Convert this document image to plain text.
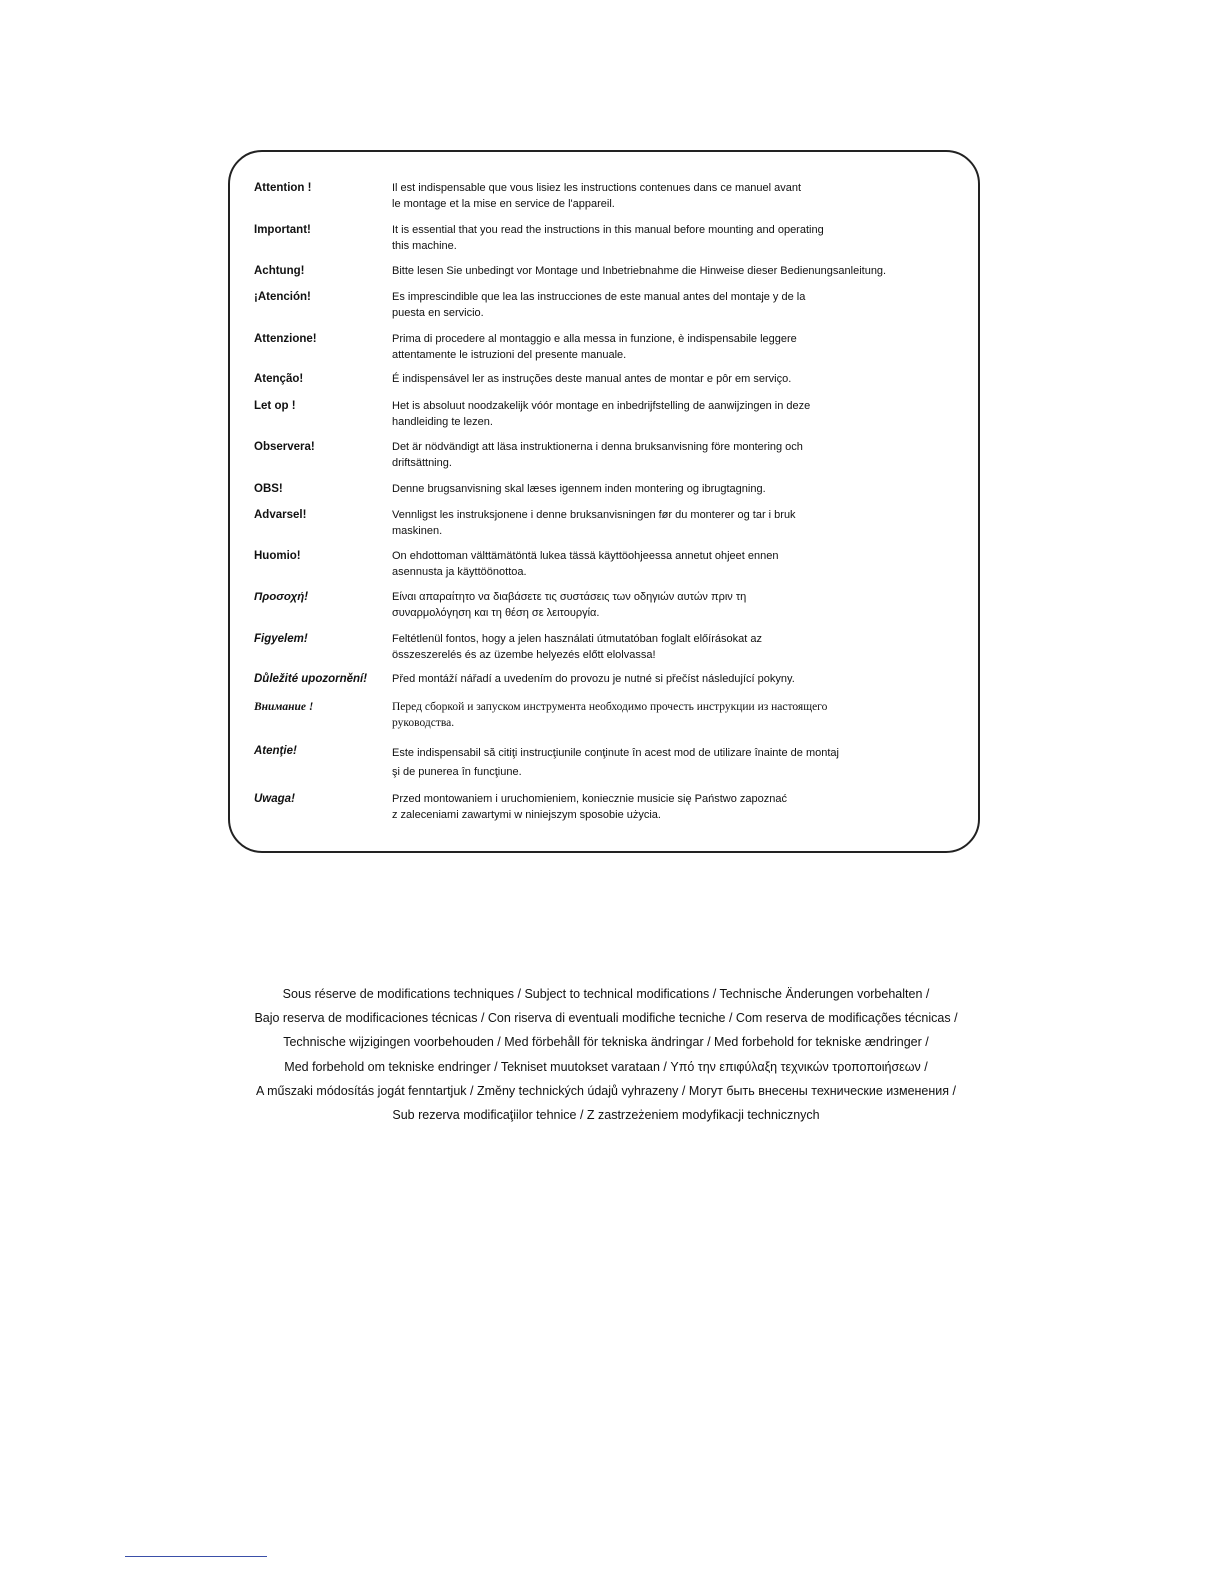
Attention !	Il est indispensable que vous lisiez les instructions contenues dans ce manuel avant
le montage et la mise en service de l'appareil.
Important!	It is essential that you read the instructions in this manual before mounting and operating
this machine.
Achtung!	Bitte lesen Sie unbedingt vor Montage und Inbetriebnahme die Hinweise dieser Bedienungsanleitung.
¡Atención!	Es imprescindible que lea las instrucciones de este manual antes del montaje y de la
puesta en servicio.
Attenzione!	Prima di procedere al montaggio e alla messa in funzione, è indispensabile leggere
attentamente le istruzioni del presente manuale.
Atenção!	É indispensável ler as instruções deste manual antes de montar e pôr em serviço.
Let op !	Het is absoluut noodzakelijk vóór montage en inbedrijfstelling de aanwijzingen in deze
handleiding te lezen.
Observera!	Det är nödvändigt att läsa instruktionerna i denna bruksanvisning före montering och
driftsättning.
OBS!	Denne brugsanvisning skal læses igennem inden montering og ibrugtagning.
Advarsel!	Vennligst les instruksjonene i denne bruksanvisningen før du monterer og tar i bruk
maskinen.
Huomio!	On ehdottoman välttämätöntä lukea tässä käyttöohjeessa annetut ohjeet ennen
asennusta ja käyttöönottoa.
Προσοχή!	Είναι απαραίτητο να διαβάσετε τις συστάσεις των οδηγιών αυτών πριν τη
συναρμολόγηση και τη θέση σε λειτουργία.
Figyelem!	Feltétlenül fontos, hogy a jelen használati útmutatóban foglalt előírásokat az
összeszerelés és az üzembe helyezés előtt elolvassa!
Důležité upozornění!	Před montáží nářadí a uvedením do provozu je nutné si přečíst následující pokyny.
Внимание !	Перед сборкой и запуском инструмента необходимо прочесть инструкции из настоящего
руководства.
Atenţie!	Este indispensabil să citiţi instrucţiunile conţinute în acest mod de utilizare înainte de montaj
şi de punerea în funcţiune.
Uwaga!	Przed montowaniem i uruchomieniem, koniecznie musicie się Państwo zapoznać
z zaleceniami zawartymi w niniejszym sposobie użycia.
Sous réserve de modifications techniques / Subject to technical modifications / Technische Änderungen vorbehalten /
Bajo reserva de modificaciones técnicas / Con riserva di eventuali modifiche tecniche / Com reserva de modificações técnicas /
Technische wijzigingen voorbehouden / Med förbehåll för tekniska ändringar / Med forbehold for tekniske ændringer /
Med forbehold om tekniske endringer / Tekniset muutokset varataan / Υπό την επιφύλαξη τεχνικών τροποποιήσεων /
A műszaki módosítás jogát fenntartjuk / Změny technických údajů vyhrazeny / Могут быть внесены технические изменения /
Sub rezerva modificaţiilor tehnice / Z zastrzeżeniem modyfikacji technicznych
